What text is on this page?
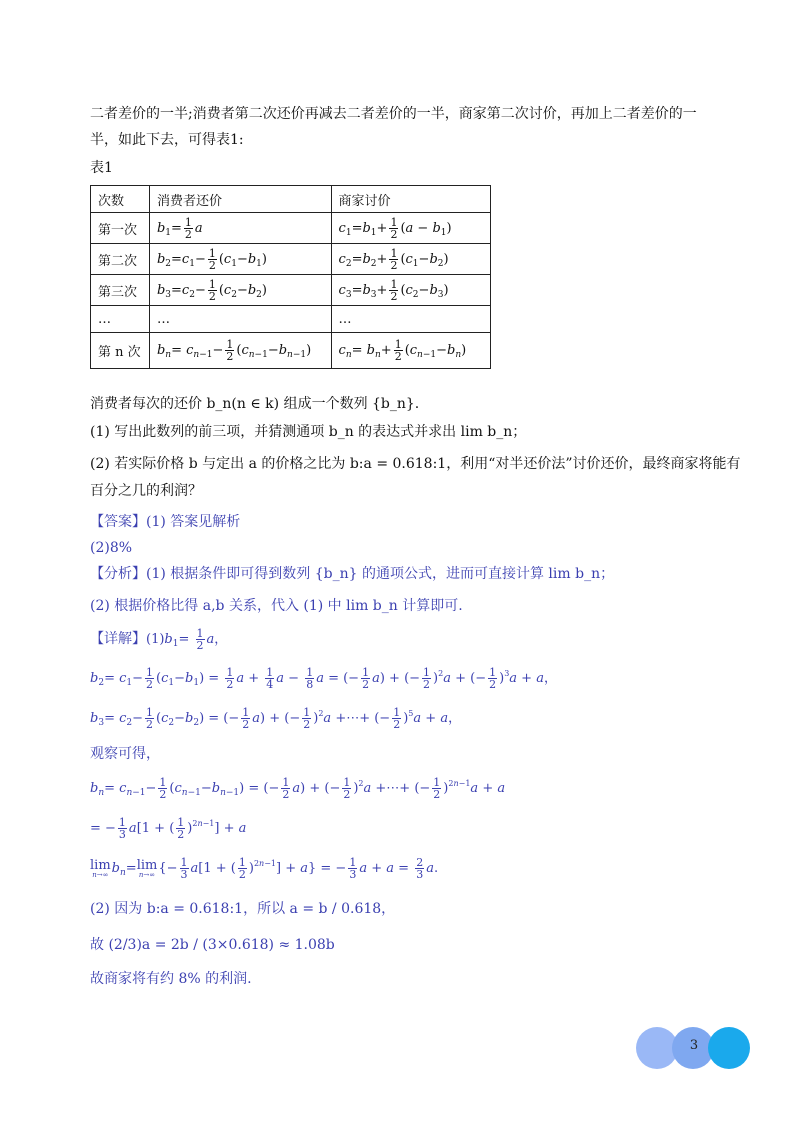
二者差价的一半;消费者第二次还价再减去二者差价的一半，商家第二次讨价，再加上二者差价的一
半，如此下去，可得表1:
表1
次数	消费者还价	商家讨价
第一次	$b_1= \frac{1}{2}$ a	$c_1=b_1+ \frac{1}{2} (a - b_1)$
第二次	$b_2=c_1- \frac{1}{2} (c_1-b_1)$	$c_2=b_2+ \frac{1}{2} (c_1-b_2)$
第三次	$b_3=c_2- \frac{1}{2} (c_2-b_2)$	$c_3=b_3+ \frac{1}{2} (c_2-b_3)$
…	…	…
第 n 次	$b_n= c_{n-1}- \frac{1}{2} (c_{n-1}-b_{n-1})$	$c_n= b_n+ \frac{1}{2} (c_{n-1}-b_n)$
消费者每次的还价 b_n(n ∈ k) 组成一个数列 {b_n}.
(1) 写出此数列的前三项，并猜测通项 b_n 的表达式并求出 lim b_n；
(2) 若实际价格 b 与定出 a 的价格之比为 b:a = 0.618:1，利用“对半还价法”讨价还价，最终商家将能有
百分之几的利润？
【答案】(1) 答案见解析
(2)8%
【分析】(1) 根据条件即可得到数列 {b_n} 的通项公式，进而可直接计算 lim b_n；
(2) 根据价格比得 a,b 关系，代入 (1) 中 lim b_n 计算即可.
【详解】$(1)b_1= \frac{1}{2}$ a，
$b_2= c_1- \frac{1}{2} (c_1-b_1) = \frac{1}{2}$ $a + \frac{1}{4}$ $a - \frac{1}{8}$ a = (− $\frac{1}{2} a$) + (− $\frac{1}{2} )^2a$ + (− $\frac{1}{2} )^3a + a$，
$b_3= c_2- \frac{1}{2} (c_2-b_2)$ = (− $\frac{1}{2} a$) + (− $\frac{1}{2} )^2a$ +⋯+ (− $\frac{1}{2} )^5a + a$，
观察可得，
$b_n= c_{n-1}- \frac{1}{2} (c_{n-1}-b_{n-1})$ = (− $\frac{1}{2} a$) + (− $\frac{1}{2} )^2a$ +⋯+ (− $\frac{1}{2} )^{2n-1}a + a$
= − $\frac{1}{3} a[1$ + ( $\frac{1}{2} )^{2n-1}] + a$
lim
n→∞ $b_n= \lim$
n→∞ {− $\frac{1}{3} a[1$ + ( $\frac{1}{2} )^{2n-1}] + a$} = − $\frac{1}{3}$ $a + a = \frac{2}{3} a$.
(2) 因为 b:a = 0.618:1，所以 a = b / 0.618，
故 (2/3)a = 2b / (3×0.618) ≈ 1.08b
故商家将有约 8% 的利润.
3
